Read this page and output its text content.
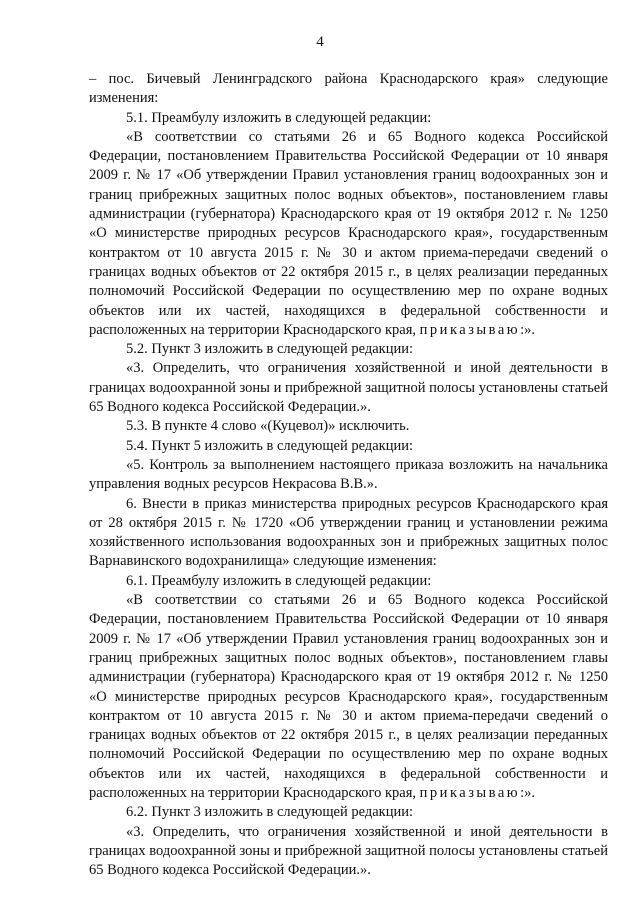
4

– пос. Бичевый Ленинградского района Краснодарского края» следующие изменения:

5.1. Преамбулу изложить в следующей редакции:

«В соответствии со статьями 26 и 65 Водного кодекса Российской Федерации, постановлением Правительства Российской Федерации от 10 января 2009 г. № 17 «Об утверждении Правил установления границ водоохранных зон и границ прибрежных защитных полос водных объектов», постановлением главы администрации (губернатора) Краснодарского края от 19 октября 2012 г. № 1250 «О министерстве природных ресурсов Краснодарского края», государственным контрактом от 10 августа 2015 г. № 30 и актом приема-передачи сведений о границах водных объектов от 22 октября 2015 г., в целях реализации переданных полномочий Российской Федерации по осуществлению мер по охране водных объектов или их частей, находящихся в федеральной собственности и расположенных на территории Краснодарского края, приказываю:».

5.2. Пункт 3 изложить в следующей редакции:

«3. Определить, что ограничения хозяйственной и иной деятельности в границах водоохранной зоны и прибрежной защитной полосы установлены статьей 65 Водного кодекса Российской Федерации.».

5.3. В пункте 4 слово «(Куцевол)» исключить.

5.4. Пункт 5 изложить в следующей редакции:

«5. Контроль за выполнением настоящего приказа возложить на начальника управления водных ресурсов Некрасова В.В.».

6. Внести в приказ министерства природных ресурсов Краснодарского края от 28 октября 2015 г. № 1720 «Об утверждении границ и установлении режима хозяйственного использования водоохранных зон и прибрежных защитных полос Варнавинского водохранилища» следующие изменения:

6.1. Преамбулу изложить в следующей редакции:

«В соответствии со статьями 26 и 65 Водного кодекса Российской Федерации, постановлением Правительства Российской Федерации от 10 января 2009 г. № 17 «Об утверждении Правил установления границ водоохранных зон и границ прибрежных защитных полос водных объектов», постановлением главы администрации (губернатора) Краснодарского края от 19 октября 2012 г. № 1250 «О министерстве природных ресурсов Краснодарского края», государственным контрактом от 10 августа 2015 г. № 30 и актом приема-передачи сведений о границах водных объектов от 22 октября 2015 г., в целях реализации переданных полномочий Российской Федерации по осуществлению мер по охране водных объектов или их частей, находящихся в федеральной собственности и расположенных на территории Краснодарского края, приказываю:».

6.2. Пункт 3 изложить в следующей редакции:

«3. Определить, что ограничения хозяйственной и иной деятельности в границах водоохранной зоны и прибрежной защитной полосы установлены статьей 65 Водного кодекса Российской Федерации.».
